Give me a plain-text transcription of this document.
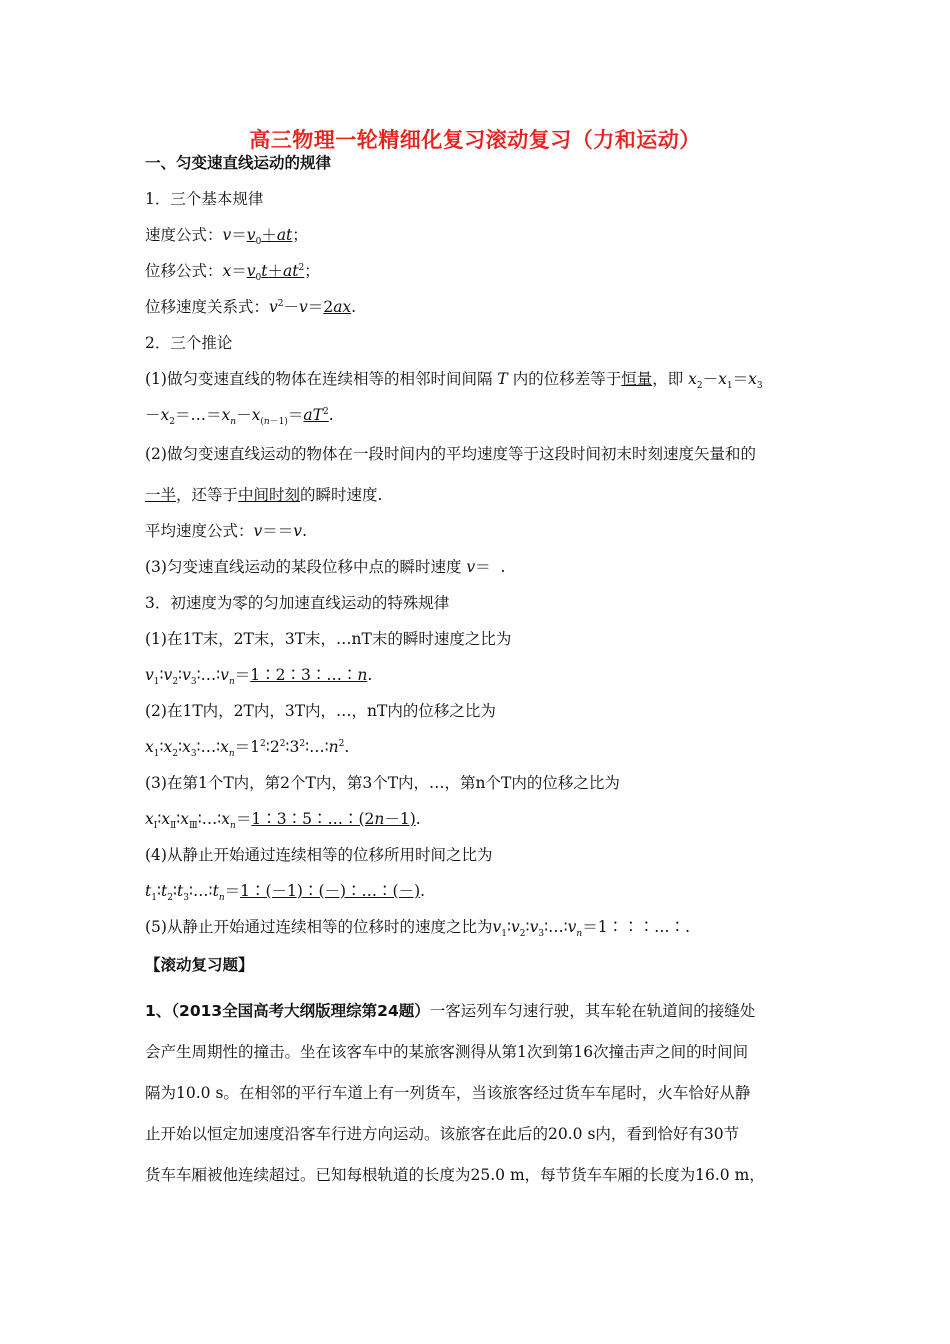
高三物理一轮精细化复习滚动复习（力和运动）
一、匀变速直线运动的规律
1．三个基本规律
速度公式：$v=v_0+at$；
位移公式：$x=v_0t+at^2$；
位移速度关系式：$v^2-v=2ax$.
2．三个推论
(1)做匀变速直线的物体在连续相等的相邻时间间隔 T 内的位移差等于恒量，即 $x_2-x_1=x_3$
$-x_2=\dots=x_n-x_{(n-1)}=aT^2$.
(2)做匀变速直线运动的物体在一段时间内的平均速度等于这段时间初末时刻速度矢量和的
一半，还等于中间时刻的瞬时速度.
平均速度公式：v＝＝v.
(3)匀变速直线运动的某段位移中点的瞬时速度 v＝  .
3．初速度为零的匀加速直线运动的特殊规律
(1)在1T末，2T末，3T末，…nT末的瞬时速度之比为
$v_1∶v_2∶v_3∶\dots∶v_n=1∶2∶3∶\dots∶n$.
(2)在1T内，2T内，3T内，…，nT内的位移之比为
$x_1∶x_2∶x_3∶\dots∶x_n=1^2∶2^2∶3^2∶\dots∶n^2$.
(3)在第1个T内，第2个T内，第3个T内，…，第n个T内的位移之比为
$x_Ⅰ∶x_Ⅱ∶x_Ⅲ∶\dots∶x_n=1∶3∶5∶\dots∶(2n-1)$.
(4)从静止开始通过连续相等的位移所用时间之比为
$t_1∶t_2∶t_3∶\dots∶t_n=1∶(-1)∶(-)∶\dots∶(-)$.
(5)从静止开始通过连续相等的位移时的速度之比为$v_1∶v_2∶v_3∶\dots∶v_n=1∶∶∶\dots∶$.
【滚动复习题】
1、（2013全国高考大纲版理综第24题）一客运列车匀速行驶，其车轮在轨道间的接缝处
会产生周期性的撞击。坐在该客车中的某旅客测得从第1次到第16次撞击声之间的时间间
隔为10.0 s。在相邻的平行车道上有一列货车，当该旅客经过货车车尾时，火车恰好从静
止开始以恒定加速度沿客车行进方向运动。该旅客在此后的20.0 s内，看到恰好有30节
货车车厢被他连续超过。已知每根轨道的长度为25.0 m，每节货车车厢的长度为16.0 m，
